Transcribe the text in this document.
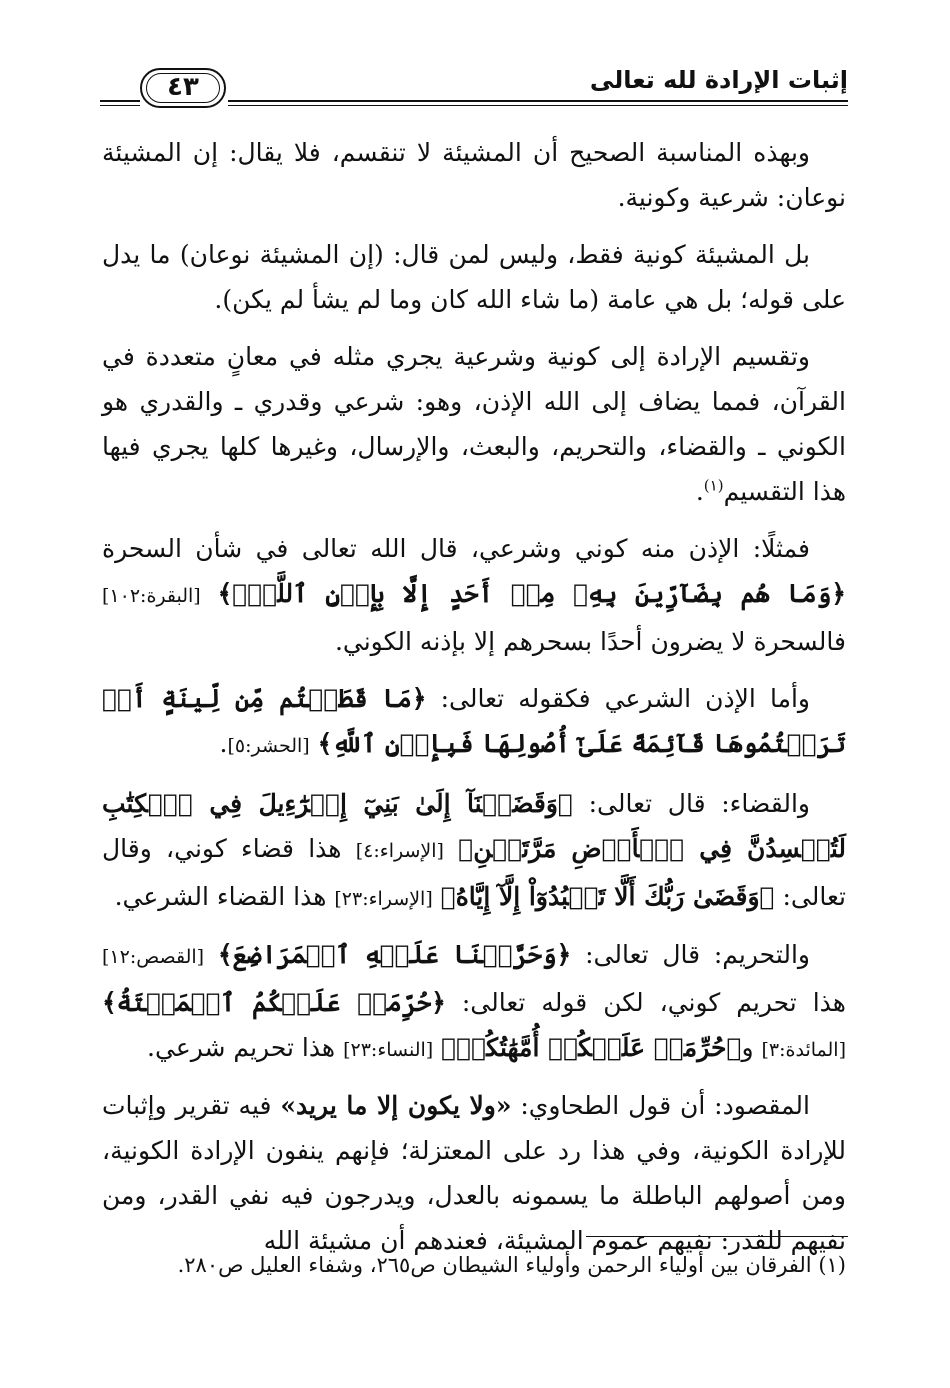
٤٣	إثبات الإرادة لله تعالى

وبهذه المناسبة الصحيح أن المشيئة لا تنقسم، فلا يقال: إن المشيئة نوعان: شرعية وكونية.

بل المشيئة كونية فقط، وليس لمن قال: (إن المشيئة نوعان) ما يدل على قوله؛ بل هي عامة (ما شاء الله كان وما لم يشأ لم يكن).

وتقسيم الإرادة إلى كونية وشرعية يجري مثله في معانٍ متعددة في القرآن، فمما يضاف إلى الله الإذن، وهو: شرعي وقدري ـ والقدري هو الكوني ـ والقضاء، والتحريم، والبعث، والإرسال، وغيرها كلها يجري فيها هذا التقسيم$^{(١)}$.

فمثلًا: الإذن منه كوني وشرعي، قال الله تعالى في شأن السحرة ﴿وَمَا هُم بِضَآرِّينَ بِهِۦ مِنۡ أَحَدٍ إِلَّا بِإِذۡنِ ٱللَّهِۚ﴾ [البقرة:١٠٢] فالسحرة لا يضرون أحدًا بسحرهم إلا بإذنه الكوني.

وأما الإذن الشرعي فكقوله تعالى: ﴿مَا قَطَعۡتُم مِّن لِّينَةٍ أَوۡ تَرَكۡتُمُوهَا قَآئِمَةً عَلَىٰٓ أُصُولِهَا فَبِإِذۡنِ ٱللَّهِ﴾ [الحشر:٥].

والقضاء: قال تعالى: ﴿وَقَضَيۡنَآ إِلَىٰ بَنِيٓ إِسۡرَٰٓءِيلَ فِي ٱلۡكِتَٰبِ لَتُفۡسِدُنَّ فِي ٱلۡأَرۡضِ مَرَّتَيۡنِ﴾ [الإسراء:٤] هذا قضاء كوني، وقال تعالى: ﴿وَقَضَىٰ رَبُّكَ أَلَّا تَعۡبُدُوٓاْ إِلَّآ إِيَّاهُ﴾ [الإسراء:٢٣] هذا القضاء الشرعي.

والتحريم: قال تعالى: ﴿وَحَرَّمۡنَا عَلَيۡهِ ٱلۡمَرَاضِعَ﴾ [القصص:١٢] هذا تحريم كوني، لكن قوله تعالى: ﴿حُرِّمَتۡ عَلَيۡكُمُ ٱلۡمَيۡتَةُ﴾ [المائدة:٣] و﴿حُرِّمَتۡ عَلَيۡكُمۡ أُمَّهَٰتُكُمۡ﴾ [النساء:٢٣] هذا تحريم شرعي.

المقصود: أن قول الطحاوي: «ولا يكون إلا ما يريد» فيه تقرير وإثبات للإرادة الكونية، وفي هذا رد على المعتزلة؛ فإنهم ينفون الإرادة الكونية، ومن أصولهم الباطلة ما يسمونه بالعدل، ويدرجون فيه نفي القدر، ومن نفيهم للقدر: نفيهم عموم المشيئة، فعندهم أن مشيئة الله

(١) الفرقان بين أولياء الرحمن وأولياء الشيطان ص٢٦٥، وشفاء العليل ص٢٨٠.
